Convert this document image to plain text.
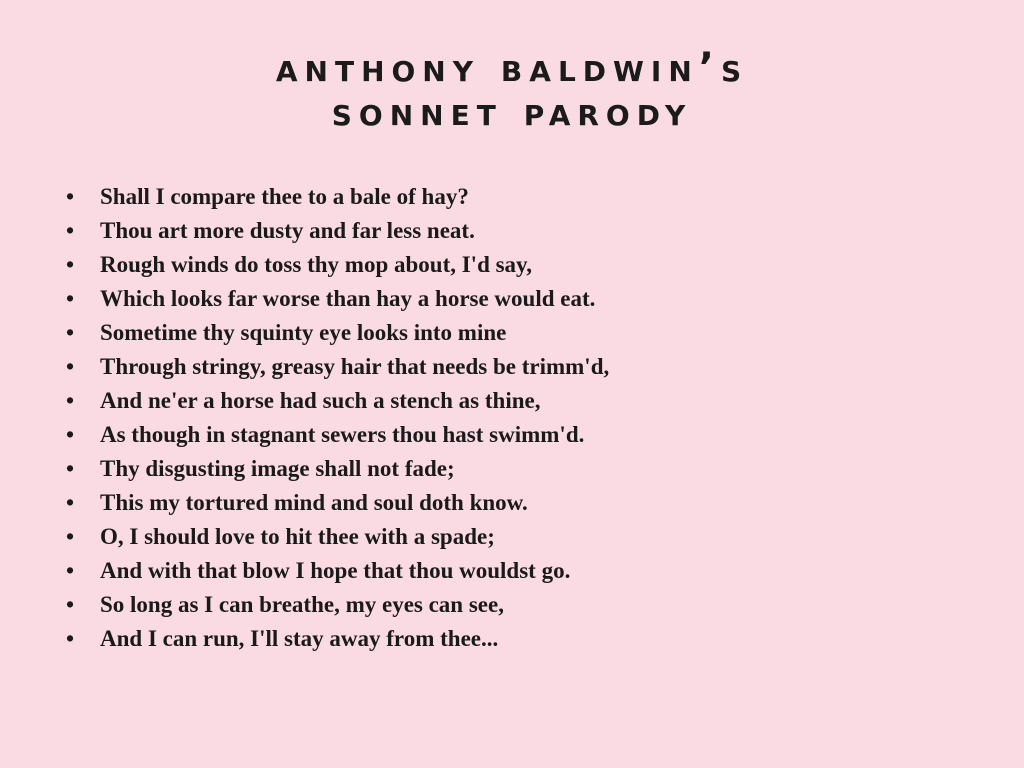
anthony baldwin’s
sonnet parody
• Shall I compare thee to a bale of hay?
• Thou art more dusty and far less neat.
• Rough winds do toss thy mop about, I'd say,
• Which looks far worse than hay a horse would eat.
• Sometime thy squinty eye looks into mine
• Through stringy, greasy hair that needs be trimm'd,
• And ne'er a horse had such a stench as thine,
• As though in stagnant sewers thou hast swimm'd.
• Thy disgusting image shall not fade;
• This my tortured mind and soul doth know.
• O, I should love to hit thee with a spade;
• And with that blow I hope that thou wouldst go.
• So long as I can breathe, my eyes can see,
• And I can run, I'll stay away from thee...
